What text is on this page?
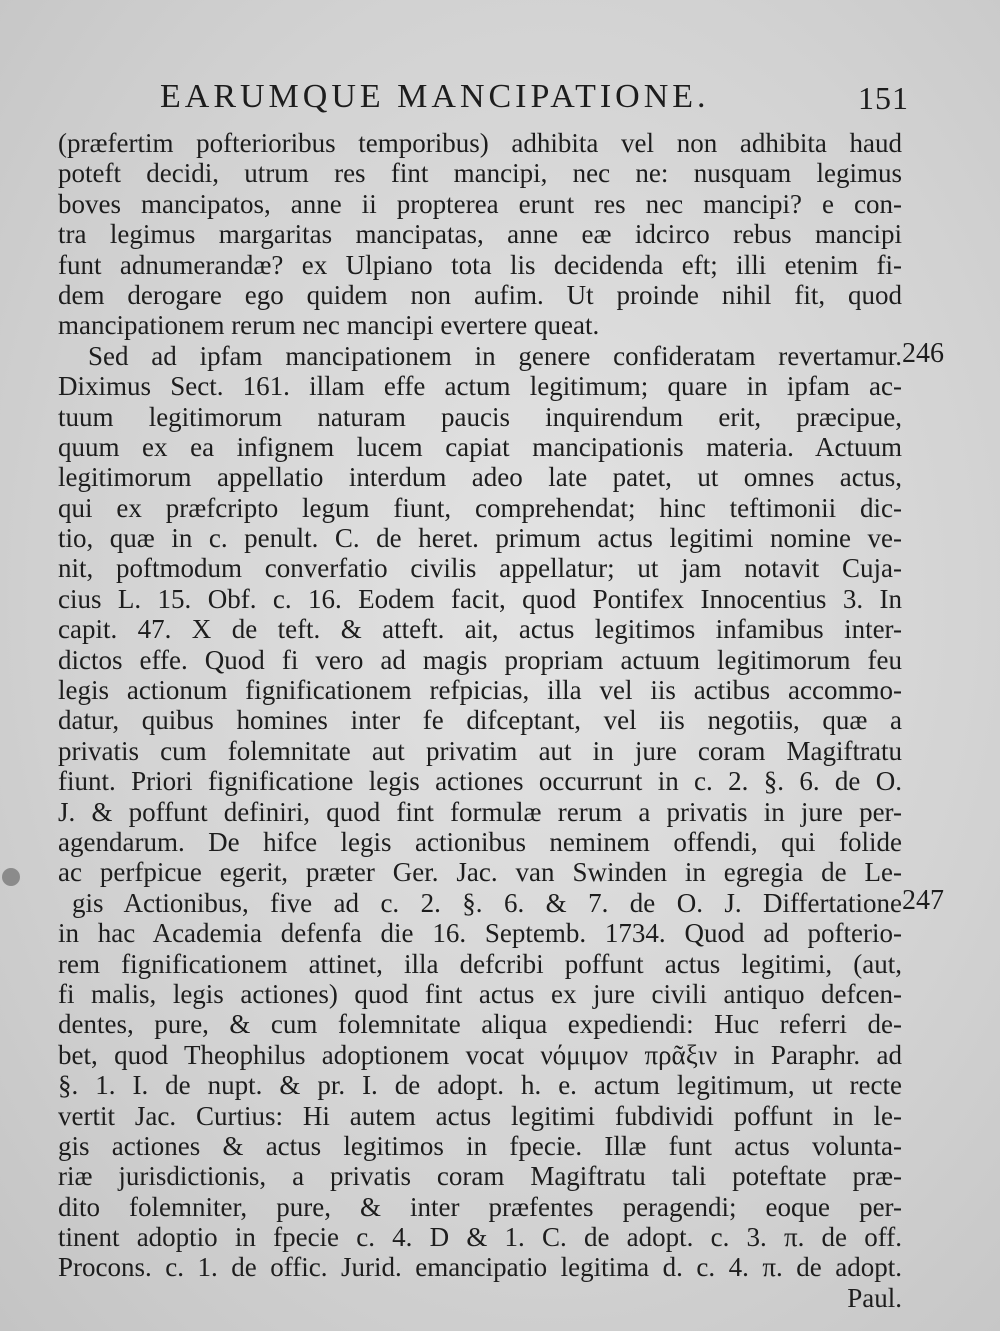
EARUMQUE MANCIPATIONE.	151
(præfertim pofterioribus temporibus) adhibita vel non adhibita haud
poteft decidi, utrum res fint mancipi, nec ne: nusquam legimus
boves mancipatos, anne ii propterea erunt res nec mancipi? e con-
tra legimus margaritas mancipatas, anne eæ idcirco rebus mancipi
funt adnumerandæ? ex Ulpiano tota lis decidenda eft; illi etenim fi-
dem derogare ego quidem non aufim. Ut proinde nihil fit, quod
mancipationem rerum nec mancipi evertere queat.
Sed ad ipfam mancipationem in genere confideratam revertamur.
Diximus Sect. 161. illam effe actum legitimum; quare in ipfam ac-
tuum legitimorum naturam paucis inquirendum erit, præcipue,
quum ex ea infignem lucem capiat mancipationis materia. Actuum
legitimorum appellatio interdum adeo late patet, ut omnes actus,
qui ex præfcripto legum fiunt, comprehendat; hinc teftimonii dic-
tio, quæ in c. penult. C. de heret. primum actus legitimi nomine ve-
nit, poftmodum converfatio civilis appellatur; ut jam notavit Cuja-
cius L. 15. Obf. c. 16. Eodem facit, quod Pontifex Innocentius 3. In
capit. 47. X de teft. & atteft. ait, actus legitimos infamibus inter-
dictos effe. Quod fi vero ad magis propriam actuum legitimorum feu
legis actionum fignificationem refpicias, illa vel iis actibus accommo-
datur, quibus homines inter fe difceptant, vel iis negotiis, quæ a
privatis cum folemnitate aut privatim aut in jure coram Magiftratu
fiunt. Priori fignificatione legis actiones occurrunt in c. 2. §. 6. de O.
J. & poffunt definiri, quod fint formulæ rerum a privatis in jure per-
agendarum. De hifce legis actionibus neminem offendi, qui folide
ac perfpicue egerit, præter Ger. Jac. van Swinden in egregia de Le-
gis Actionibus, five ad c. 2. §. 6. & 7. de O. J. Differtatione
in hac Academia defenfa die 16. Septemb. 1734. Quod ad pofterio-
rem fignificationem attinet, illa defcribi poffunt actus legitimi, (aut,
fi malis, legis actiones) quod fint actus ex jure civili antiquo defcen-
dentes, pure, & cum folemnitate aliqua expediendi: Huc referri de-
bet, quod Theophilus adoptionem vocat νόμιμον πρᾶξιν in Paraphr. ad
§. 1. I. de nupt. & pr. I. de adopt. h. e. actum legitimum, ut recte
vertit Jac. Curtius: Hi autem actus legitimi fubdividi poffunt in le-
gis actiones & actus legitimos in fpecie. Illæ funt actus volunta-
riæ jurisdictionis, a privatis coram Magiftratu tali poteftate præ-
dito folemniter, pure, & inter præfentes peragendi; eoque per-
tinent adoptio in fpecie c. 4. D & 1. C. de adopt. c. 3. π. de off.
Procons. c. 1. de offic. Jurid. emancipatio legitima d. c. 4. π. de adopt.
Paul.
246
247
